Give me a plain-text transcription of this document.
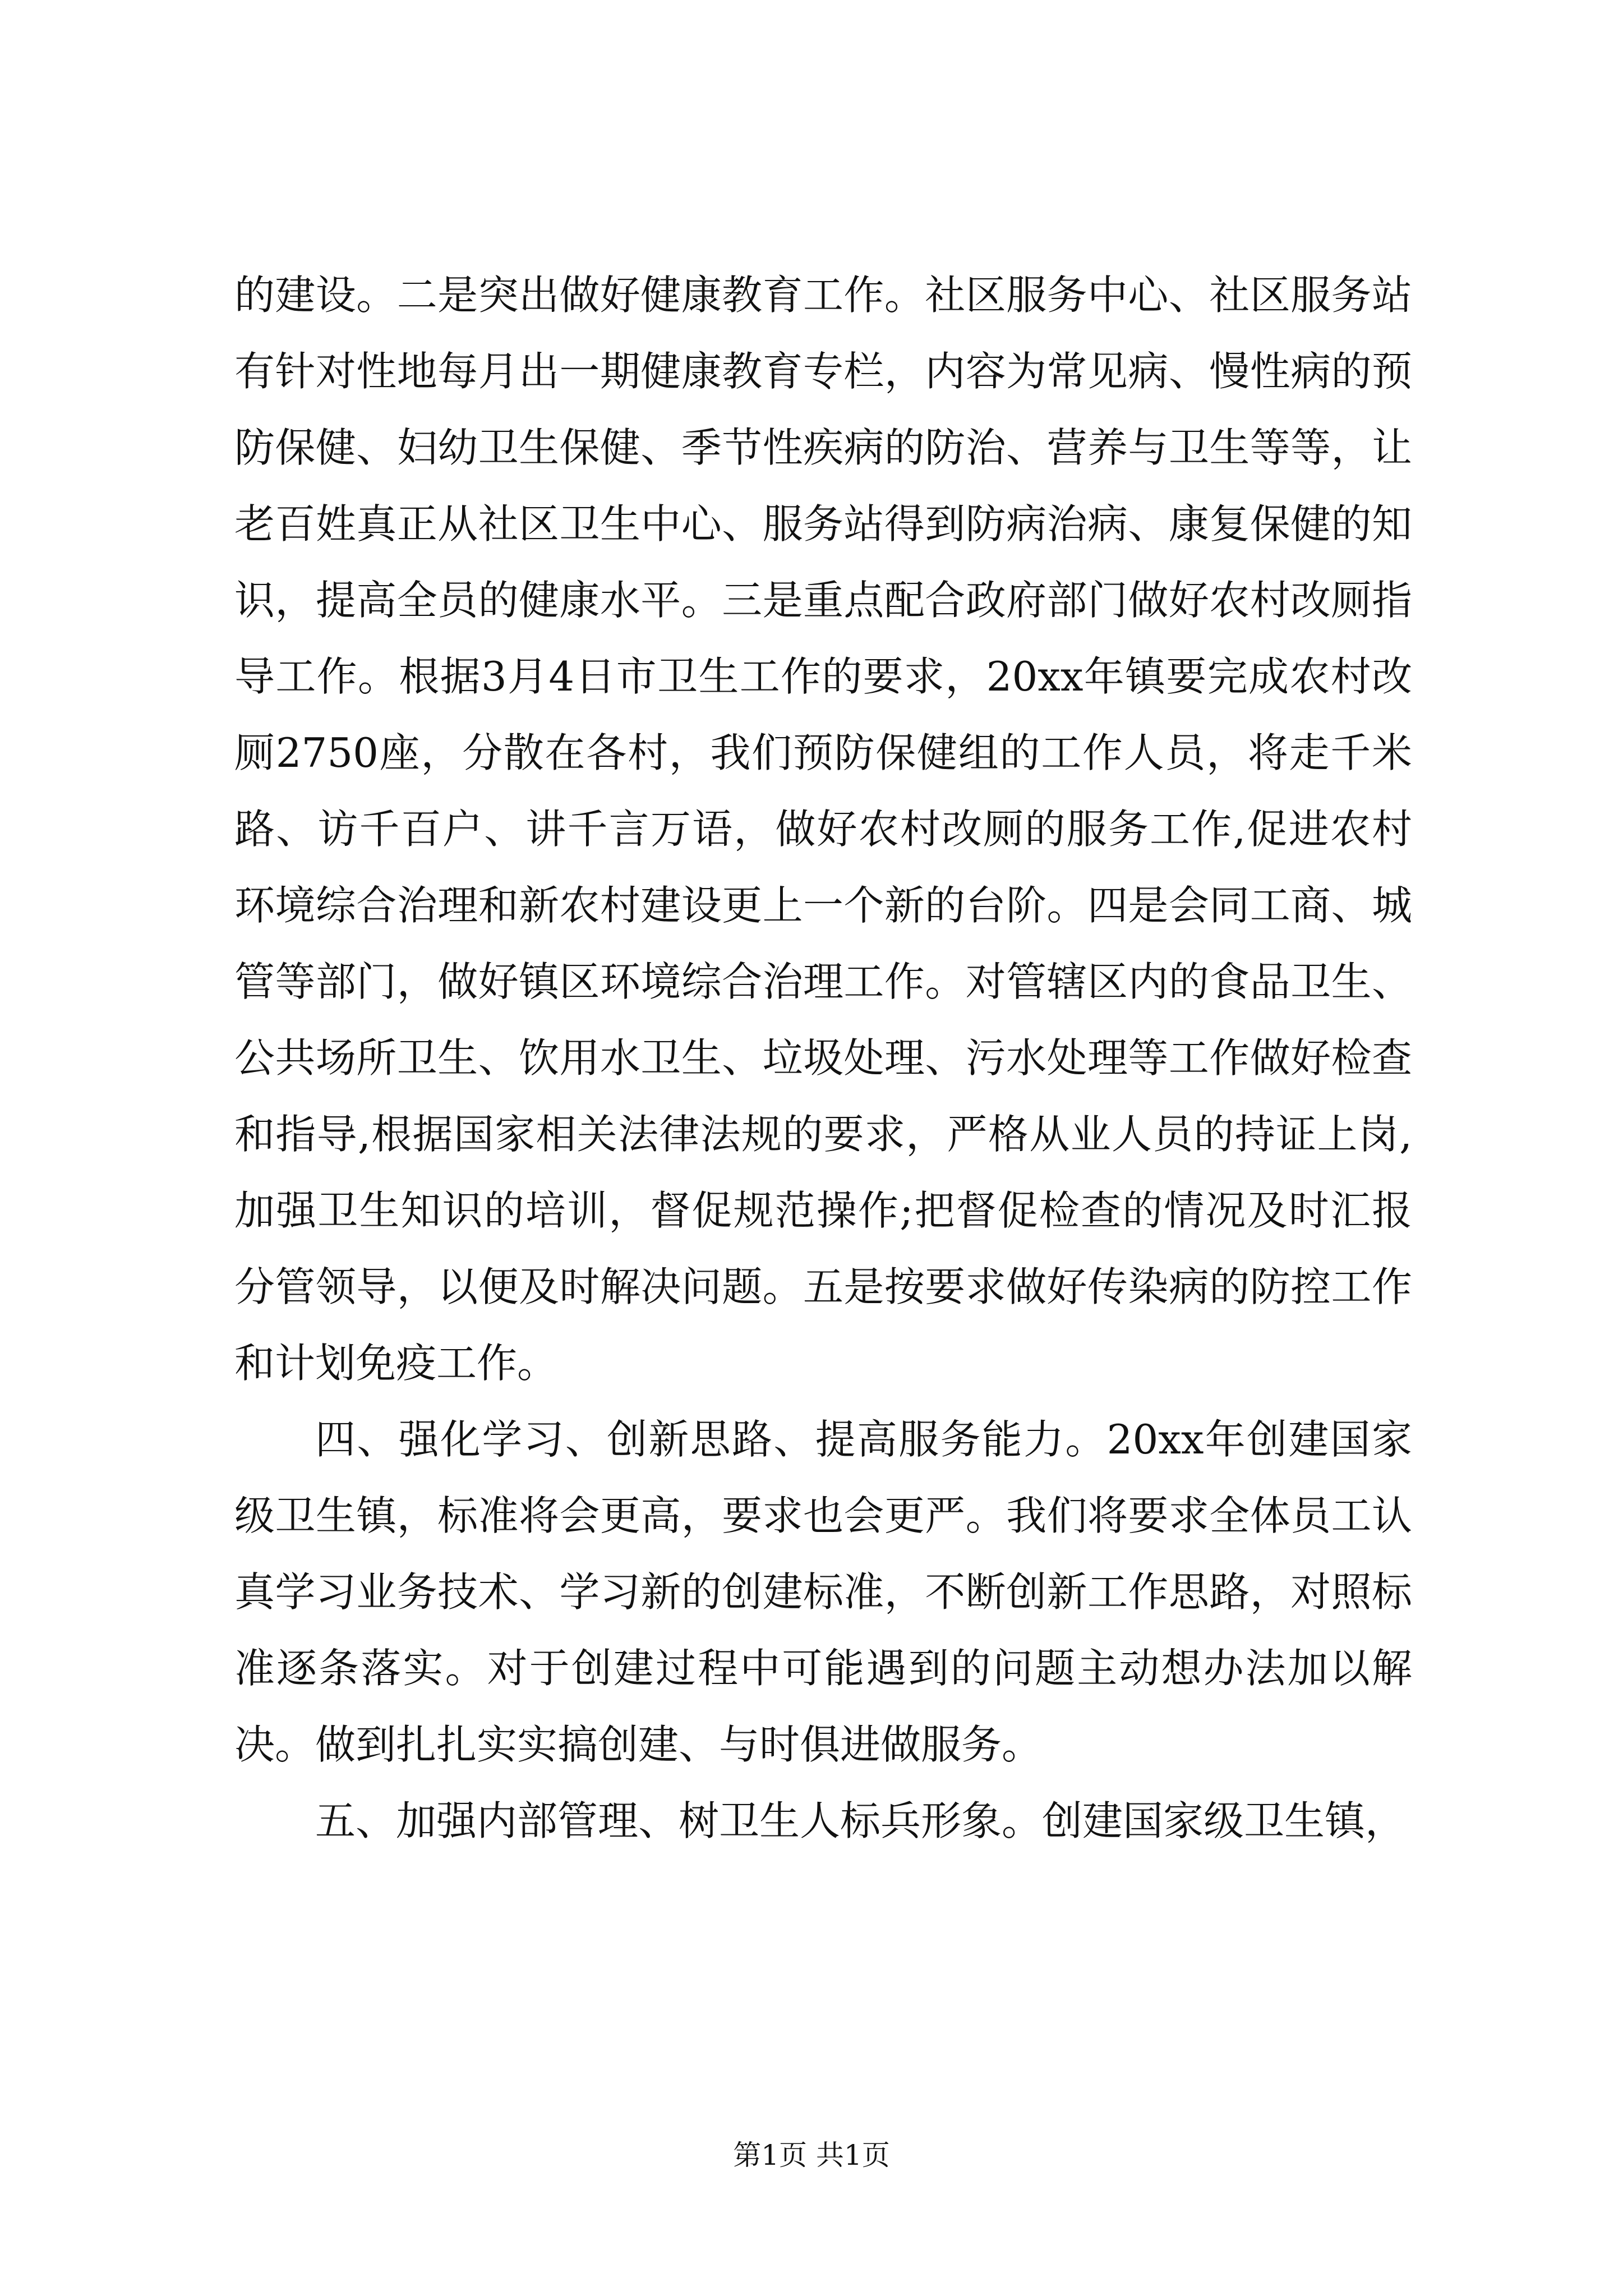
的建设。二是突出做好健康教育工作。社区服务中心、社区服务站有针对性地每月出一期健康教育专栏，内容为常见病、慢性病的预防保健、妇幼卫生保健、季节性疾病的防治、营养与卫生等等，让老百姓真正从社区卫生中心、服务站得到防病治病、康复保健的知识，提高全员的健康水平。三是重点配合政府部门做好农村改厕指导工作。根据3月4日市卫生工作的要求，20xx年镇要完成农村改厕2750座，分散在各村，我们预防保健组的工作人员，将走千米路、访千百户、讲千言万语，做好农村改厕的服务工作,促进农村环境综合治理和新农村建设更上一个新的台阶。四是会同工商、城管等部门，做好镇区环境综合治理工作。对管辖区内的食品卫生、公共场所卫生、饮用水卫生、垃圾处理、污水处理等工作做好检查和指导,根据国家相关法律法规的要求，严格从业人员的持证上岗,加强卫生知识的培训，督促规范操作;把督促检查的情况及时汇报分管领导，以便及时解决问题。五是按要求做好传染病的防控工作和计划免疫工作。

四、强化学习、创新思路、提高服务能力。20xx年创建国家级卫生镇，标准将会更高，要求也会更严。我们将要求全体员工认真学习业务技术、学习新的创建标准，不断创新工作思路，对照标准逐条落实。对于创建过程中可能遇到的问题主动想办法加以解决。做到扎扎实实搞创建、与时俱进做服务。

五、加强内部管理、树卫生人标兵形象。创建国家级卫生镇，

第1页 共1页
